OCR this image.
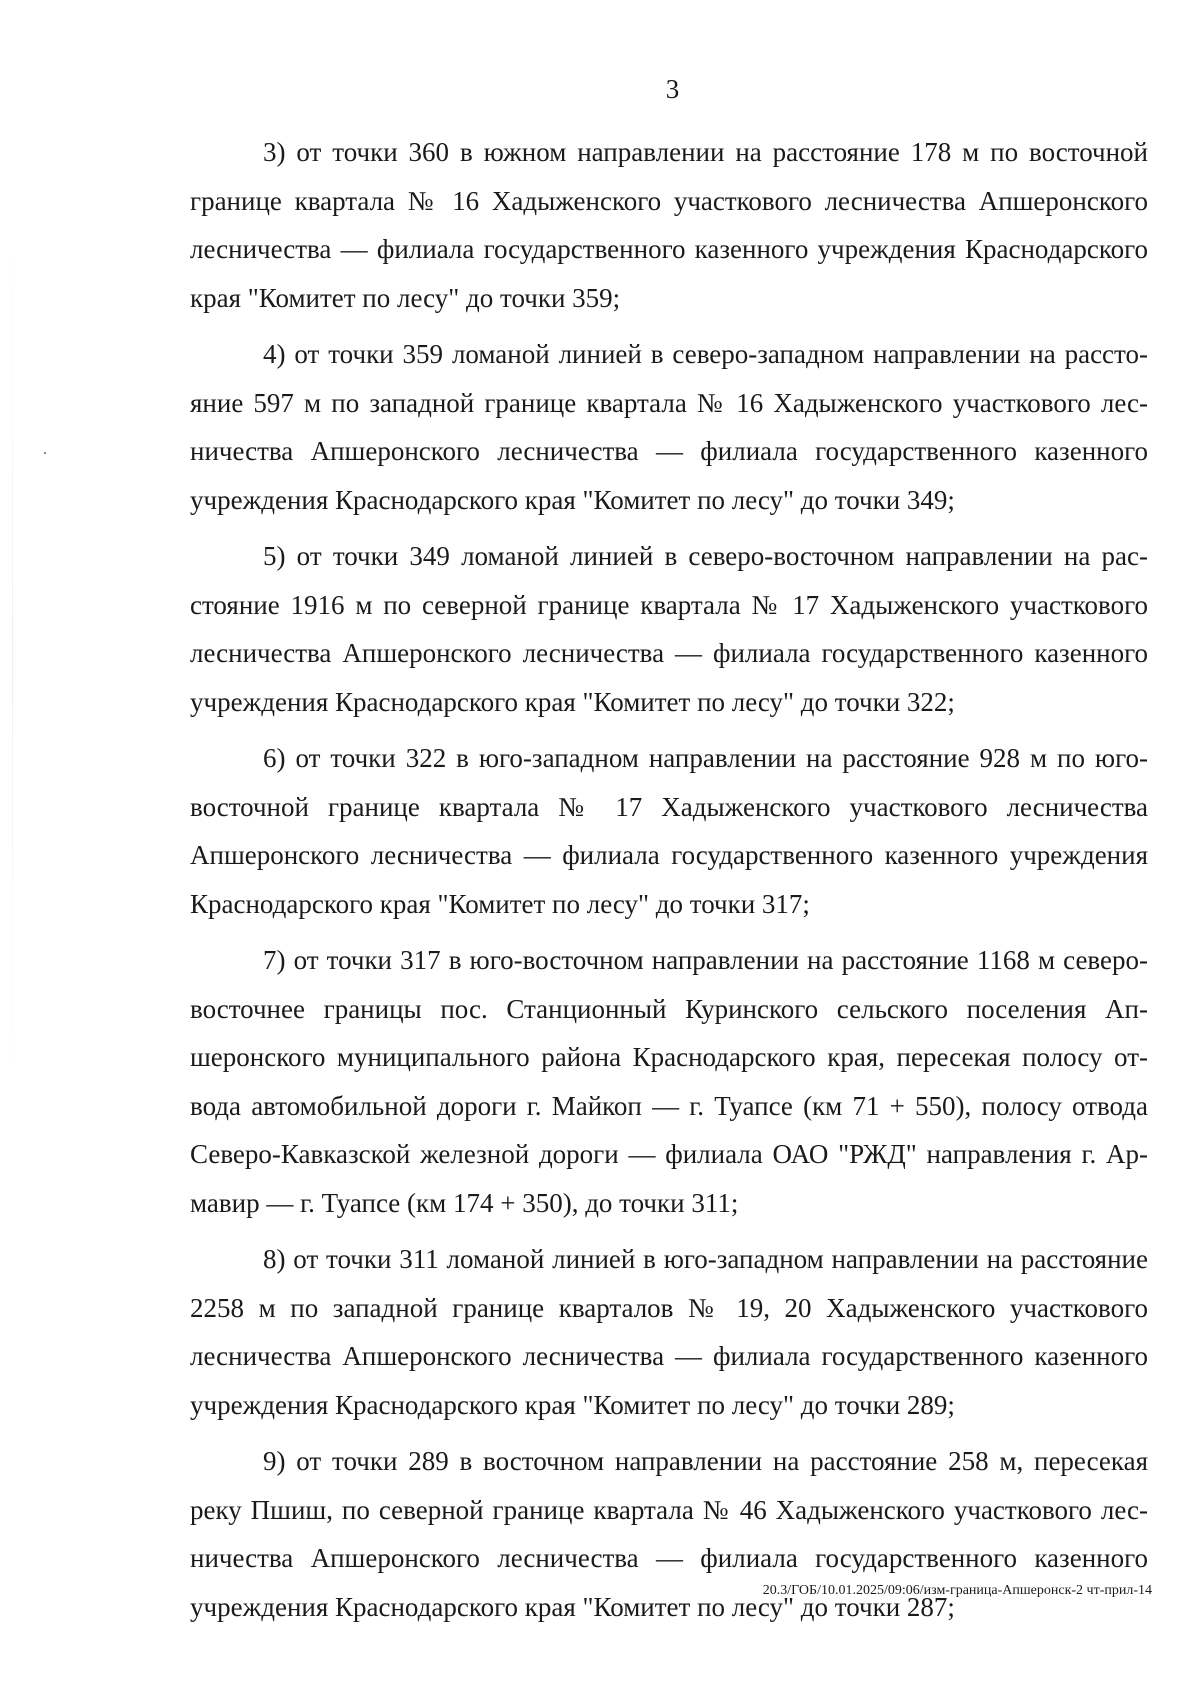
3

3) от точки 360 в южном направлении на расстояние 178 м по восточной границе квартала № 16 Хадыженского участкового лесничества Апшеронского лесничества — филиала государственного казенного учреждения Краснодарского края "Комитет по лесу" до точки 359;

4) от точки 359 ломаной линией в северо-западном направлении на расстояние 597 м по западной границе квартала № 16 Хадыженского участкового лесничества Апшеронского лесничества — филиала государственного казенного учреждения Краснодарского края "Комитет по лесу" до точки 349;

5) от точки 349 ломаной линией в северо-восточном направлении на расстояние 1916 м по северной границе квартала № 17 Хадыженского участкового лесничества Апшеронского лесничества — филиала государственного казенного учреждения Краснодарского края "Комитет по лесу" до точки 322;

6) от точки 322 в юго-западном направлении на расстояние 928 м по юго-восточной границе квартала № 17 Хадыженского участкового лесничества Апшеронского лесничества — филиала государственного казенного учреждения Краснодарского края "Комитет по лесу" до точки 317;

7) от точки 317 в юго-восточном направлении на расстояние 1168 м северо-восточнее границы пос. Станционный Куринского сельского поселения Апшеронского муниципального района Краснодарского края, пересекая полосу отвода автомобильной дороги г. Майкоп — г. Туапсе (км 71 + 550), полосу отвода Северо-Кавказской железной дороги — филиала ОАО "РЖД" направления г. Армавир — г. Туапсе (км 174 + 350), до точки 311;

8) от точки 311 ломаной линией в юго-западном направлении на расстояние 2258 м по западной границе кварталов № 19, 20 Хадыженского участкового лесничества Апшеронского лесничества — филиала государственного казенного учреждения Краснодарского края "Комитет по лесу" до точки 289;

9) от точки 289 в восточном направлении на расстояние 258 м, пересекая реку Пшиш, по северной границе квартала № 46 Хадыженского участкового лесничества Апшеронского лесничества — филиала государственного казенного учреждения Краснодарского края "Комитет по лесу" до точки 287;

20.3/ГОБ/10.01.2025/09:06/изм-граница-Апшеронск-2 чт-прил-14
